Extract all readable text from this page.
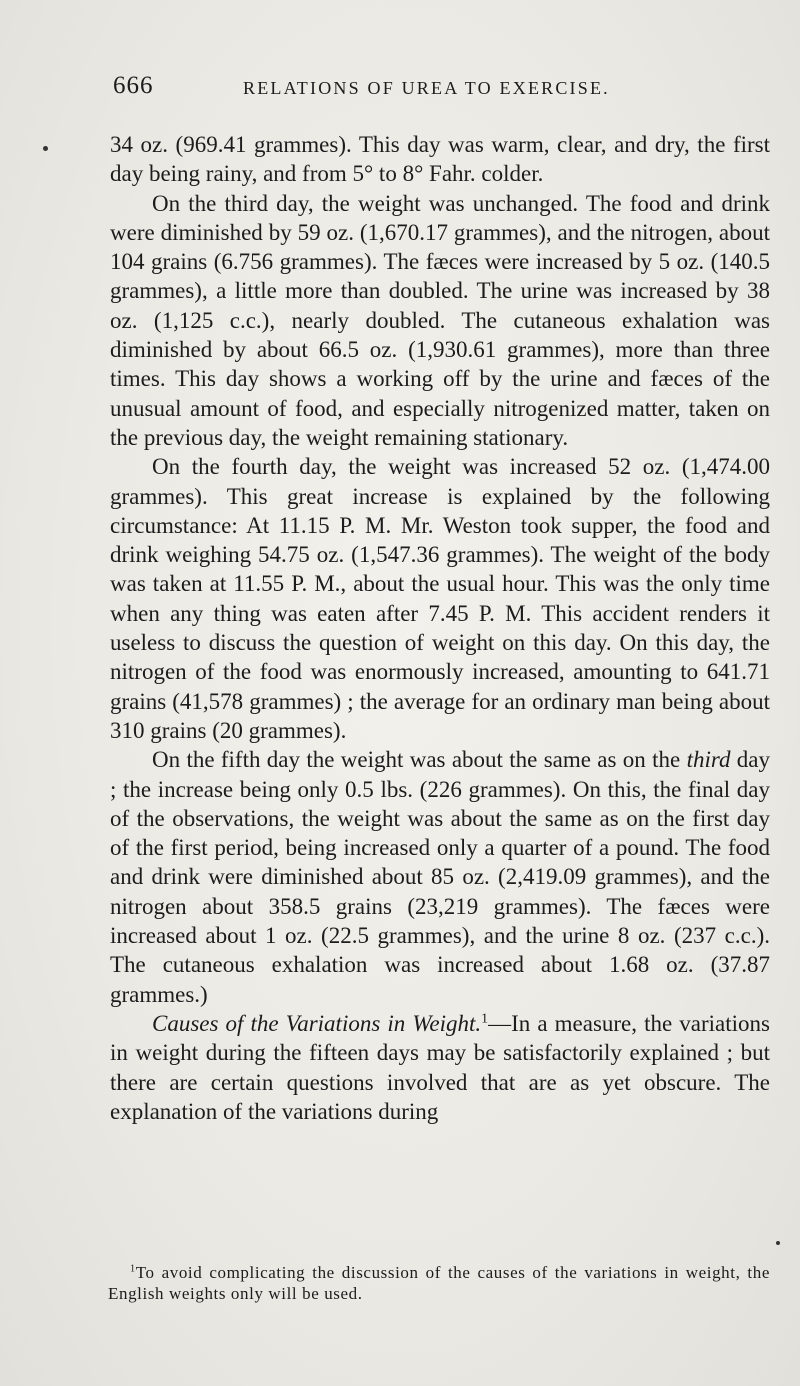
666	RELATIONS OF UREA TO EXERCISE.

34 oz. (969.41 grammes). This day was warm, clear, and dry, the first day being rainy, and from 5° to 8° Fahr. colder.

On the third day, the weight was unchanged. The food and drink were diminished by 59 oz. (1,670.17 grammes), and the nitrogen, about 104 grains (6.756 grammes). The fæces were increased by 5 oz. (140.5 grammes), a little more than doubled. The urine was increased by 38 oz. (1,125 c.c.), nearly doubled. The cutaneous exhalation was diminished by about 66.5 oz. (1,930.61 grammes), more than three times. This day shows a working off by the urine and fæces of the unusual amount of food, and especially nitrogenized matter, taken on the previous day, the weight remaining stationary.

On the fourth day, the weight was increased 52 oz. (1,474.00 grammes). This great increase is explained by the following circumstance: At 11.15 P. M. Mr. Weston took supper, the food and drink weighing 54.75 oz. (1,547.36 grammes). The weight of the body was taken at 11.55 P. M., about the usual hour. This was the only time when any thing was eaten after 7.45 P. M. This accident renders it useless to discuss the question of weight on this day. On this day, the nitrogen of the food was enormously increased, amounting to 641.71 grains (41,578 grammes) ; the average for an ordinary man being about 310 grains (20 grammes).

On the fifth day the weight was about the same as on the third day ; the increase being only 0.5 lbs. (226 grammes). On this, the final day of the observations, the weight was about the same as on the first day of the first period, being increased only a quarter of a pound. The food and drink were diminished about 85 oz. (2,419.09 grammes), and the nitrogen about 358.5 grains (23,219 grammes). The fæces were increased about 1 oz. (22.5 grammes), and the urine 8 oz. (237 c.c.). The cutaneous exhalation was increased about 1.68 oz. (37.87 grammes.)

Causes of the Variations in Weight.$^1$—In a measure, the variations in weight during the fifteen days may be satisfactorily explained ; but there are certain questions involved that are as yet obscure. The explanation of the variations during

$^1$To avoid complicating the discussion of the causes of the variations in weight, the English weights only will be used.
